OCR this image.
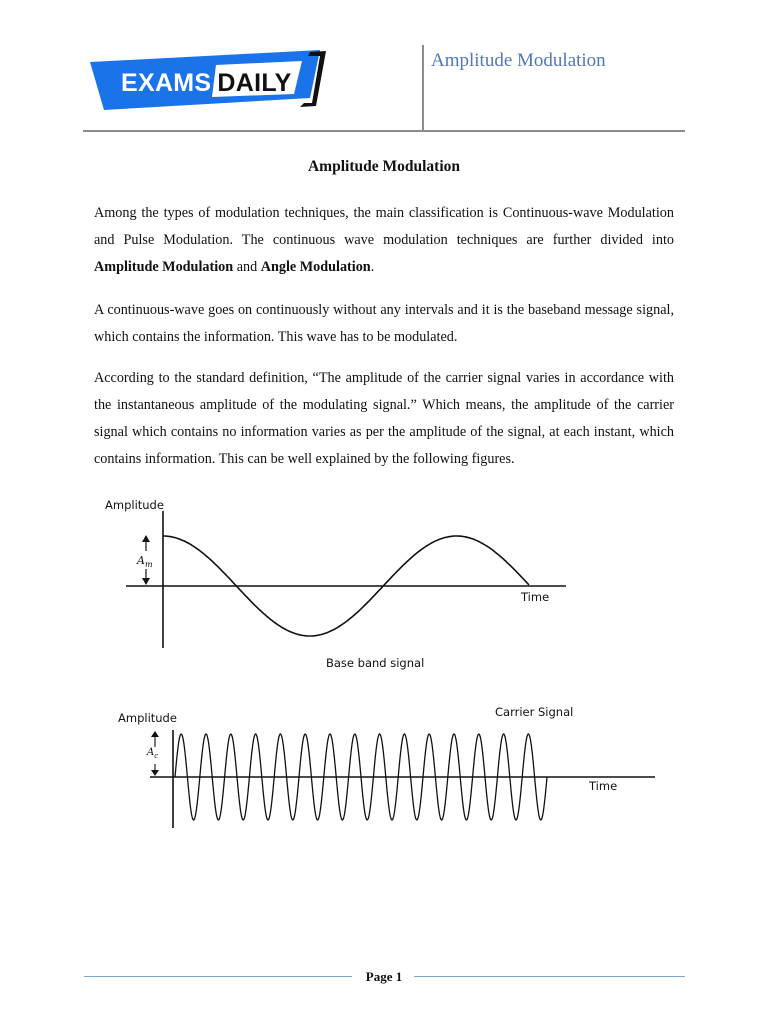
EXAMS DAILY
Amplitude Modulation
Amplitude Modulation
Among the types of modulation techniques, the main classification is Continuous-wave Modulation and Pulse Modulation. The continuous wave modulation techniques are further divided into Amplitude Modulation and Angle Modulation.
A continuous-wave goes on continuously without any intervals and it is the baseband message signal, which contains the information. This wave has to be modulated.
According to the standard definition, “The amplitude of the carrier signal varies in accordance with the instantaneous amplitude of the modulating signal.” Which means, the amplitude of the carrier signal which contains no information varies as per the amplitude of the signal, at each instant, which contains information. This can be well explained by the following figures.
Amplitude
$A_m$
Time
Base band signal
Amplitude
$A_c$
Carrier Signal
Time
Page 1
